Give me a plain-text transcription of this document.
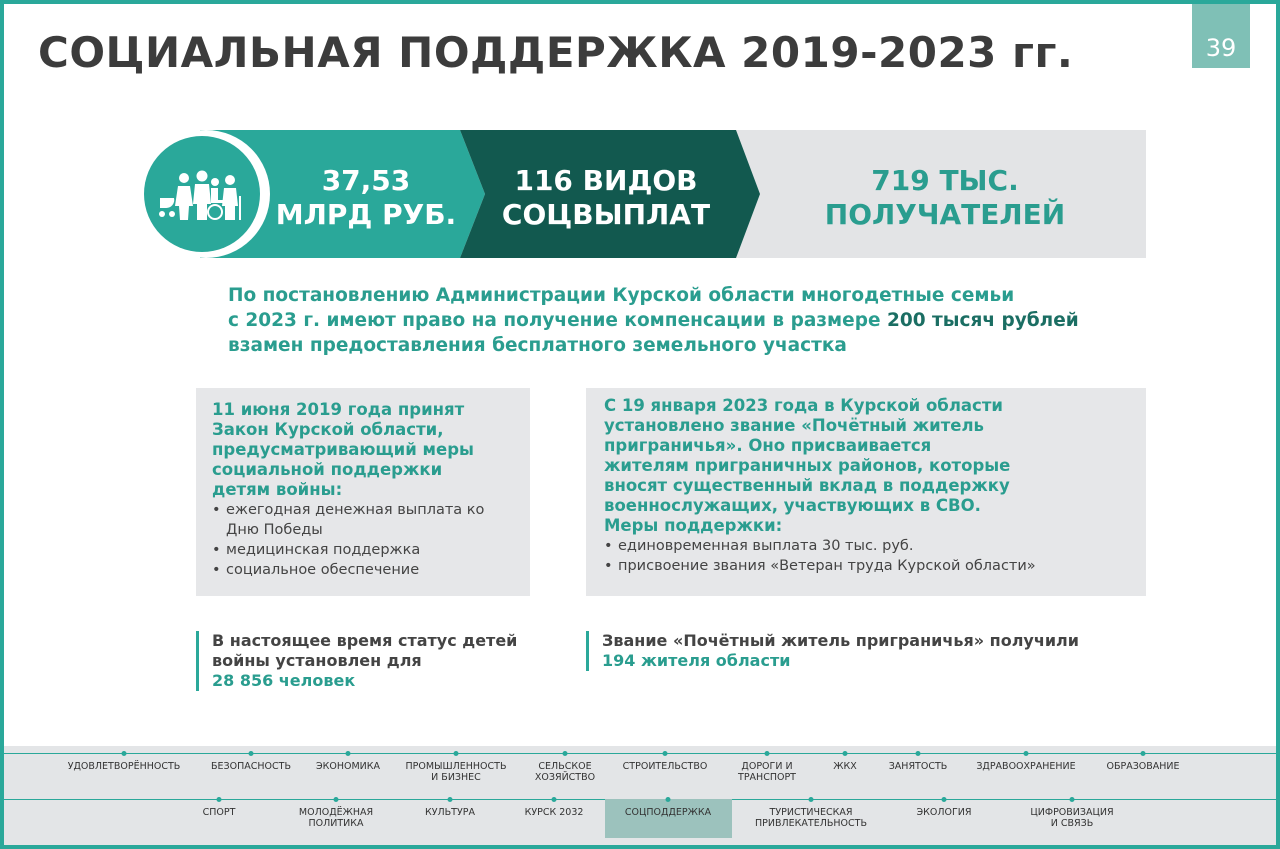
СОЦИАЛЬНАЯ ПОДДЕРЖКА 2019-2023 гг.	39
37,53
МЛРД РУБ.
116 ВИДОВ
СОЦВЫПЛАТ
719 ТЫС.
ПОЛУЧАТЕЛЕЙ
По постановлению Администрации Курской области многодетные семьи
с 2023 г. имеют право на получение компенсации в размере 200 тысяч рублей
взамен предоставления бесплатного земельного участка
11 июня 2019 года принят
Закон Курской области,
предусматривающий меры
социальной поддержки
детям войны:
• ежегодная денежная выплата ко Дню Победы
• медицинская поддержка
• социальное обеспечение
С 19 января 2023 года в Курской области
установлено звание «Почётный житель
приграничья». Оно присваивается
жителям приграничных районов, которые
вносят существенный вклад в поддержку
военнослужащих, участвующих в СВО.
Меры поддержки:
• единовременная выплата 30 тыс. руб.
• присвоение звания «Ветеран труда Курской области»
В настоящее время статус детей
войны установлен для
28 856 человек
Звание «Почётный житель приграничья» получили
194 жителя области
УДОВЛЕТВОРЁННОСТЬ	БЕЗОПАСНОСТЬ	ЭКОНОМИКА	ПРОМЫШЛЕННОСТЬ
И БИЗНЕС
СЕЛЬСКОЕ
ХОЗЯЙСТВО
СТРОИТЕЛЬСТВО	ДОРОГИ И
ТРАНСПОРТ
ЖКХ	ЗАНЯТОСТЬ	ЗДРАВООХРАНЕНИЕ	ОБРАЗОВАНИЕ
СПОРТ	МОЛОДЁЖНАЯ
ПОЛИТИКА
КУЛЬТУРА	КУРСК 2032	СОЦПОДДЕРЖКА	ТУРИСТИЧЕСКАЯ
ПРИВЛЕКАТЕЛЬНОСТЬ
ЭКОЛОГИЯ	ЦИФРОВИЗАЦИЯ
И СВЯЗЬ
